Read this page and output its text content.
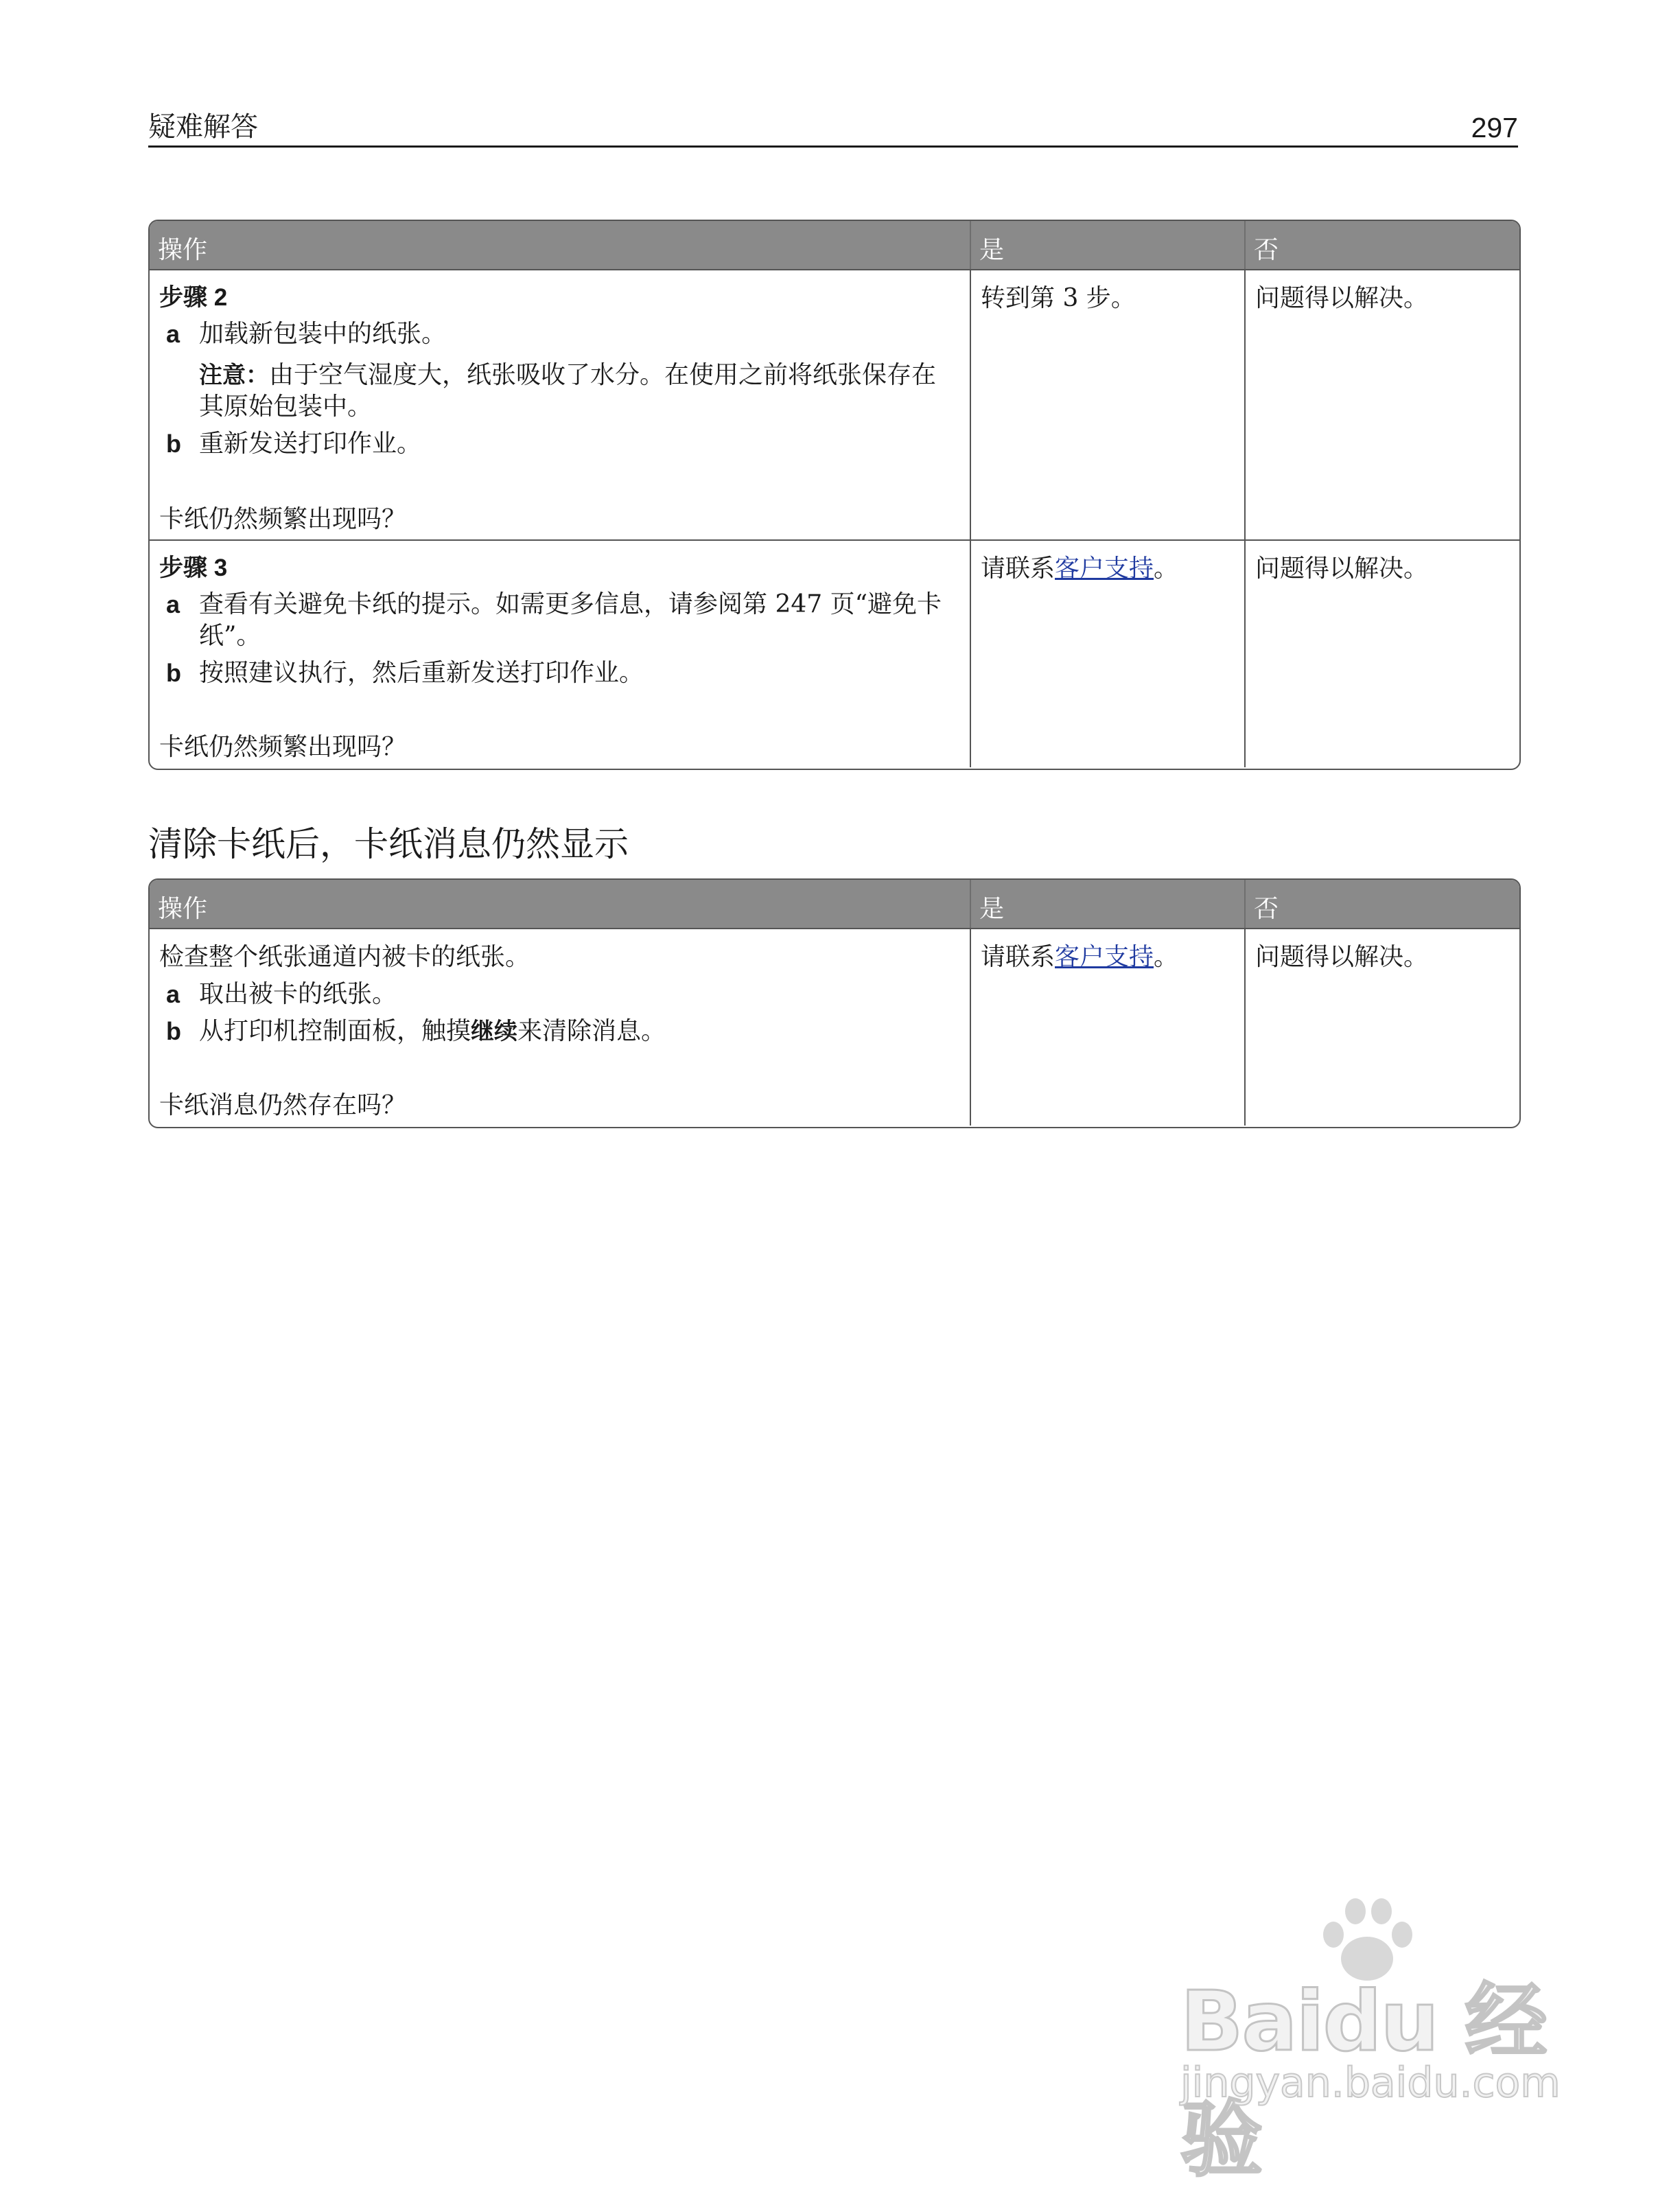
疑难解答	297
操作	是	否
步骤 2
a 加载新包装中的纸张。
注意：由于空气湿度大，纸张吸收了水分。在使用之前将纸张保存在其原始包装中。
b 重新发送打印作业。
卡纸仍然频繁出现吗？
转到第 3 步。	问题得以解决。
步骤 3
a 查看有关避免卡纸的提示。如需更多信息，请参阅第 247 页“避免卡纸”。
b 按照建议执行，然后重新发送打印作业。
卡纸仍然频繁出现吗？
请联系客户支持。	问题得以解决。
清除卡纸后，卡纸消息仍然显示
操作	是	否
检查整个纸张通道内被卡的纸张。
a 取出被卡的纸张。
b 从打印机控制面板，触摸继续来清除消息。
卡纸消息仍然存在吗？
请联系客户支持。	问题得以解决。
Baidu 经验
jingyan.baidu.com
